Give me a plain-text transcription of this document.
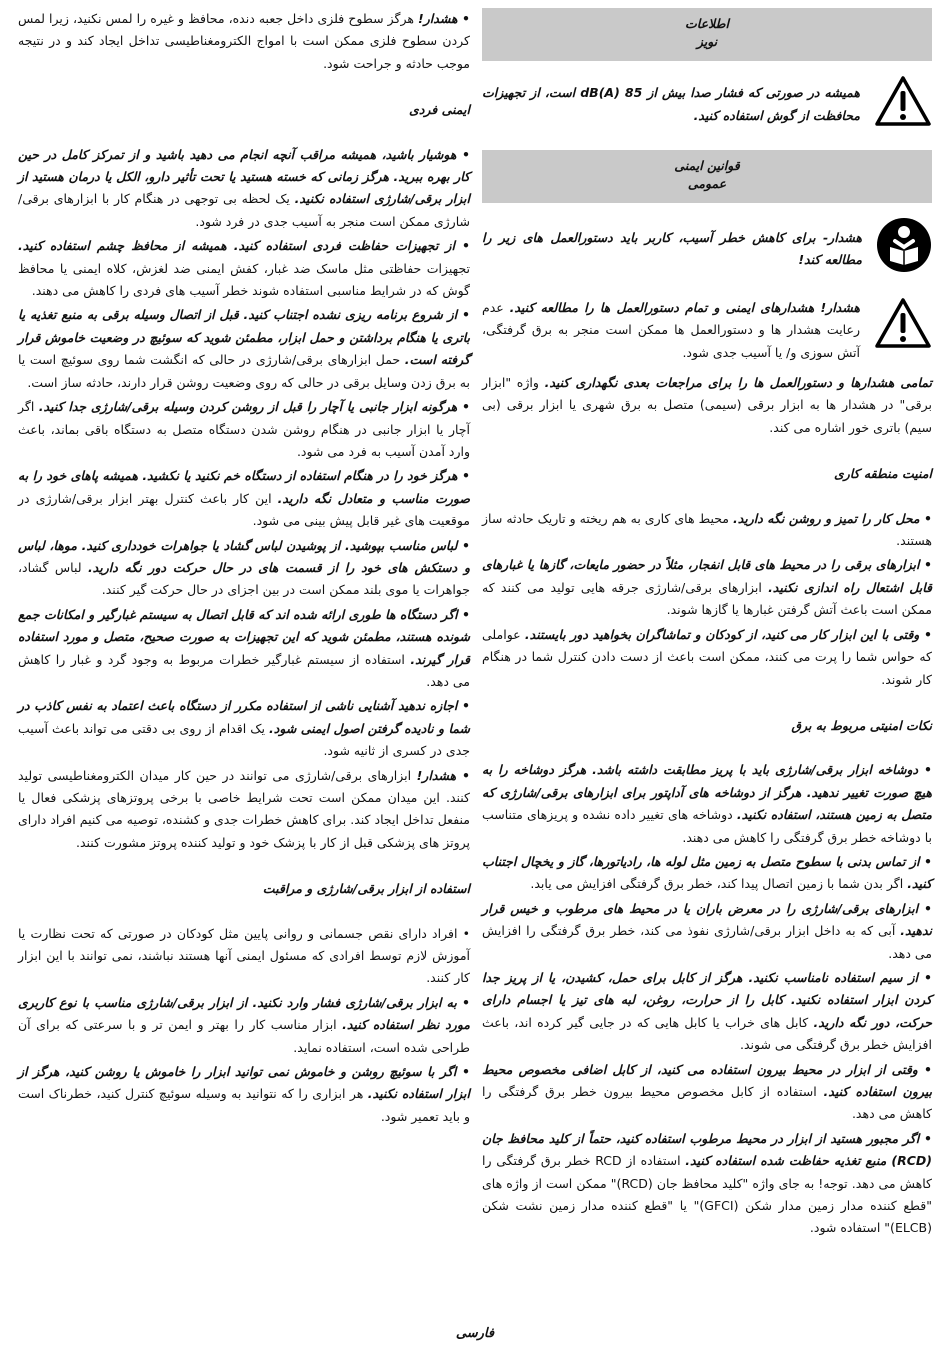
اطلاعات
نویز
همیشه در صورتی که فشار صدا بیش از 85 dB(A) است، از تجهیزات محافظت از گوش استفاده کنید.
قوانین ایمنی
عمومی
هشدار- برای کاهش خطر آسیب، کاربر باید دستورالعمل های زیر را مطالعه کند!
هشدار! هشدارهای ایمنی و تمام دستورالعمل ها را مطالعه کنید. عدم رعایت هشدار ها و دستورالعمل ها ممکن است منجر به برق گرفتگی، آتش سوزی و/ یا آسیب جدی شود.

تمامی هشدارها و دستورالعمل ها را برای مراجعات بعدی نگهداری کنید. واژه "ابزار برقی" در هشدار ها به ابزار برقی (سیمی) متصل به برق شهری یا ابزار برقی (بی سیم) باتری خور اشاره می کند.

امنیت منطقه کاری

• محل کار را تمیز و روشن نگه دارید. محیط های کاری به هم ریخته و تاریک حادثه ساز هستند.

• ابزارهای برقی را در محیط های قابل انفجار، مثلاً در حضور مایعات، گازها یا غبارهای قابل اشتعال راه اندازی نکنید. ابزارهای برقی/شارژی جرقه هایی تولید می کنند که ممکن است باعث آتش گرفتن غبارها یا گازها شوند.

• وقتی با این ابزار کار می کنید، از کودکان و تماشاگران بخواهید دور بایستند. عواملی که حواس شما را پرت می کنند، ممکن است باعث از دست دادن کنترل شما در هنگام کار شوند.

نکات امنیتی مربوط به برق

• دوشاخه ابزار برقی/شارژی باید با پریز مطابقت داشته باشد. هرگز دوشاخه را به هیچ صورت تغییر ندهید. هرگز از دوشاخه های آداپتور برای ابزارهای برقی/شارژی که متصل به زمین هستند، استفاده نکنید. دوشاخه های تغییر داده نشده و پریزهای متناسب با دوشاخه خطر برق گرفتگی را کاهش می دهند.

• از تماس بدنی با سطوح متصل به زمین مثل لوله ها، رادیاتورها، گاز و یخچال اجتناب کنید. اگر بدن شما با زمین اتصال پیدا کند، خطر برق گرفتگی افزایش می یابد.

• ابزارهای برقی/شارژی را در معرض باران یا در محیط های مرطوب و خیس قرار ندهید. آبی که به داخل ابزار برقی/شارژی نفوذ می کند، خطر برق گرفتگی را افزایش می دهد.

• از سیم استفاده نامناسب نکنید. هرگز از کابل برای حمل، کشیدن، یا از پریز جدا کردن ابزار استفاده نکنید. کابل را از حرارت، روغن، لبه های تیز یا اجسام دارای حرکت، دور نگه دارید. کابل های خراب یا کابل هایی که در جایی گیر کرده اند، باعث افزایش خطر برق گرفتگی می شوند.

• وقتی از ابزار در محیط بیرون استفاده می کنید، از کابل اضافی مخصوص محیط بیرون استفاده کنید. استفاده از کابل مخصوص محیط بیرون خطر برق گرفتگی را کاهش می دهد.

• اگر مجبور هستید از ابزار در محیط مرطوب استفاده کنید، حتماً از کلید محافظ جان (RCD) منبع تغذیه حفاظت شده استفاده کنید. استفاده از RCD خطر برق گرفتگی را کاهش می دهد. توجه! به جای واژه "کلید محافظ جان (RCD)" ممکن است از واژه های "قطع کننده مدار زمین مدار شکن (GFCI)" یا "قطع کننده مدار زمین نشت شکن (ELCB)" استفاده شود.

• هشدار! هرگز سطوح فلزی داخل جعبه دنده، محافظ و غیره را لمس نکنید، زیرا لمس کردن سطوح فلزی ممکن است با امواج الکترومغناطیسی تداخل ایجاد کند و در نتیجه موجب حادثه و جراحت شود.

ایمنی فردی

• هوشیار باشید، همیشه مراقب آنچه انجام می دهید باشید و از تمرکز کامل در حین کار بهره ببرید. هرگز زمانی که خسته هستید یا تحت تأثیر دارو، الکل یا درمان هستید از ابزار برقی/شارژی استفاده نکنید. یک لحظه بی توجهی در هنگام کار با ابزارهای برقی/شارژی ممکن است منجر به آسیب جدی در فرد شود.

• از تجهیزات حفاظت فردی استفاده کنید. همیشه از محافظ چشم استفاده کنید. تجهیزات حفاظتی مثل ماسک ضد غبار، کفش ایمنی ضد لغزش، کلاه ایمنی یا محافظ گوش که در شرایط مناسبی استفاده شوند خطر آسیب های فردی را کاهش می دهند.

• از شروع برنامه ریزی نشده اجتناب کنید. قبل از اتصال وسیله برقی به منبع تغذیه یا باتری یا هنگام برداشتن و حمل ابزار، مطمئن شوید که سوئیچ در وضعیت خاموش قرار گرفته است. حمل ابزارهای برقی/شارژی در حالی که انگشت شما روی سوئیچ است یا به برق زدن وسایل برقی در حالی که روی وضعیت روشن قرار دارند، حادثه ساز است.

• هرگونه ابزار جانبی یا آچار را قبل از روشن کردن وسیله برقی/شارژی جدا کنید. اگر آچار یا ابزار جانبی در هنگام روشن شدن دستگاه متصل به دستگاه باقی بماند، باعث وارد آمدن آسیب به فرد می شود.

• هرگز خود را در هنگام استفاده از دستگاه خم نکنید یا نکشید. همیشه پاهای خود را به صورت مناسب و متعادل نگه دارید. این کار باعث کنترل بهتر ابزار برقی/شارژی در موقعیت های غیر قابل پیش بینی می شود.

• لباس مناسب بپوشید. از پوشیدن لباس گشاد یا جواهرات خودداری کنید. موها، لباس و دستکش های خود را از قسمت های در حال حرکت دور نگه دارید. لباس گشاد، جواهرات یا موی بلند ممکن است در بین اجزای در حال حرکت گیر کنند.

• اگر دستگاه ها طوری ارائه شده اند که قابل اتصال به سیستم غبارگیر و امکانات جمع شونده هستند، مطمئن شوید که این تجهیزات به صورت صحیح، متصل و مورد استفاده قرار گیرند. استفاده از سیستم غبارگیر خطرات مربوط به وجود گرد و غبار را کاهش می دهد.

• اجازه ندهید آشنایی ناشی از استفاده مکرر از دستگاه باعث اعتماد به نفس کاذب در شما و نادیده گرفتن اصول ایمنی شود. یک اقدام از روی بی دقتی می تواند باعث آسیب جدی در کسری از ثانیه شود.

• هشدار! ابزارهای برقی/شارژی می توانند در حین کار میدان الکترومغناطیسی تولید کنند. این میدان ممکن است تحت شرایط خاصی با برخی پروتزهای پزشکی فعال یا منفعل تداخل ایجاد کند. برای کاهش خطرات جدی و کشنده، توصیه می کنیم افراد دارای پروتز های پزشکی قبل از کار با پزشک خود و تولید کننده پروتز مشورت کنند.

استفاده از ابزار برقی/شارژی و مراقبت

• افراد دارای نقص جسمانی و روانی پایین مثل کودکان در صورتی که تحت نظارت یا آموزش لازم توسط افرادی که مسئول ایمنی آنها هستند نباشند، نمی توانند با این ابزار کار کنند.

• به ابزار برقی/شارژی فشار وارد نکنید. از ابزار برقی/شارژی مناسب با نوع کاربری مورد نظر استفاده کنید. ابزار مناسب کار را بهتر و ایمن تر و با سرعتی که برای آن طراحی شده است، استفاده نماید.

• اگر با سوئیچ روشن و خاموش نمی توانید ابزار را خاموش یا روشن کنید، هرگز از ابزار استفاده نکنید. هر ابزاری را که نتوانید به وسیله سوئیچ کنترل کنید، خطرناک است و باید تعمیر شود.

فارسی
